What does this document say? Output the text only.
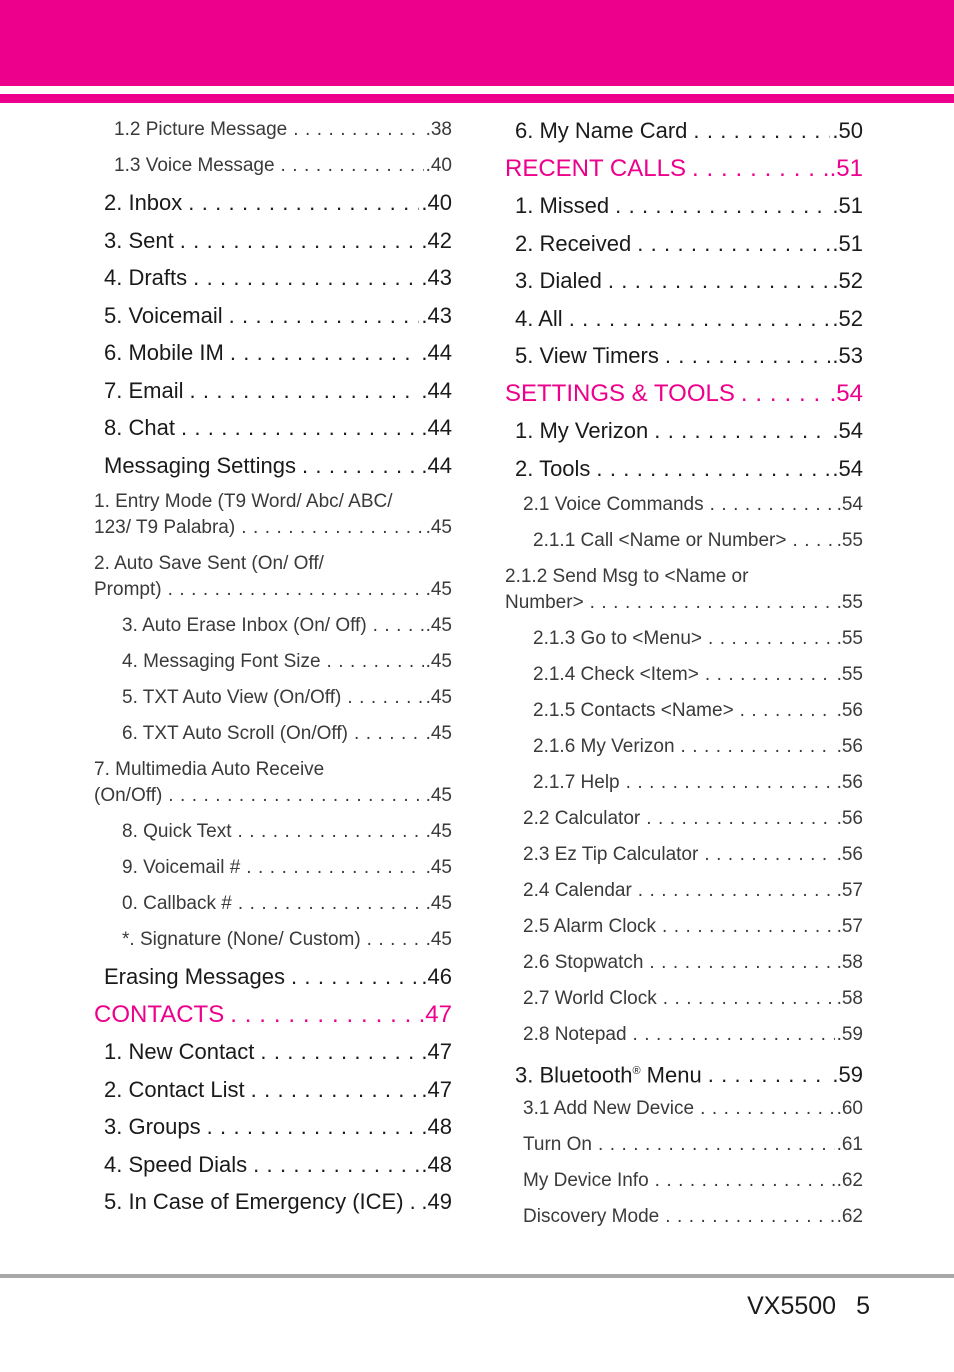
1.2 Picture Message . . .	.38
1.3 Voice Message . . .	.40
2. Inbox . . .	.40
3. Sent . . .	.42
4. Drafts . . .	.43
5. Voicemail . . .	.43
6. Mobile IM . . .	.44
7. Email . . .	.44
8. Chat . . .	.44
Messaging Settings . . .	.44
1. Entry Mode (T9 Word/ Abc/ ABC/
123/ T9 Palabra) . . .	.45
2. Auto Save Sent (On/ Off/
Prompt) . . .	.45
3. Auto Erase Inbox (On/ Off) . . .	.45
4. Messaging Font Size . . .	.45
5. TXT Auto View (On/Off) . . .	.45
6. TXT Auto Scroll (On/Off) . . .	.45
7. Multimedia Auto Receive
(On/Off) . . .	.45
8. Quick Text . . .	.45
9. Voicemail # . . .	.45
0. Callback # . . .	.45
*. Signature (None/ Custom) . . .	.45
Erasing Messages . . .	.46
CONTACTS . . .	.47
1. New Contact . . .	.47
2. Contact List . . .	.47
3. Groups . . .	.48
4. Speed Dials . . .	.48
5. In Case of Emergency (ICE) . . . .49
6. My Name Card . . .	.50
RECENT CALLS . . .	.51
1. Missed . . .	.51
2. Received . . .	.51
3. Dialed . . .	.52
4. All . . .	.52
5. View Timers . . .	.53
SETTINGS & TOOLS . . .	.54
1. My Verizon . . .	.54
2. Tools . . .	.54
2.1 Voice Commands . . .	.54
2.1.1 Call <Name or Number> . . .	.55
2.1.2 Send Msg to <Name or
Number> . . .	.55
2.1.3 Go to <Menu> . . .	.55
2.1.4 Check <Item> . . .	.55
2.1.5 Contacts <Name> . . .	.56
2.1.6 My Verizon . . .	.56
2.1.7 Help . . .	.56
2.2 Calculator . . .	.56
2.3 Ez Tip Calculator . . .	.56
2.4 Calendar . . .	.57
2.5 Alarm Clock . . .	.57
2.6 Stopwatch . . .	.58
2.7 World Clock . . .	.58
2.8 Notepad . . .	.59
3. Bluetooth® Menu . . .	.59
3.1 Add New Device . . .	.60
Turn On . . .	.61
My Device Info . . .	.62
Discovery Mode . . .	.62
VX5500 5
